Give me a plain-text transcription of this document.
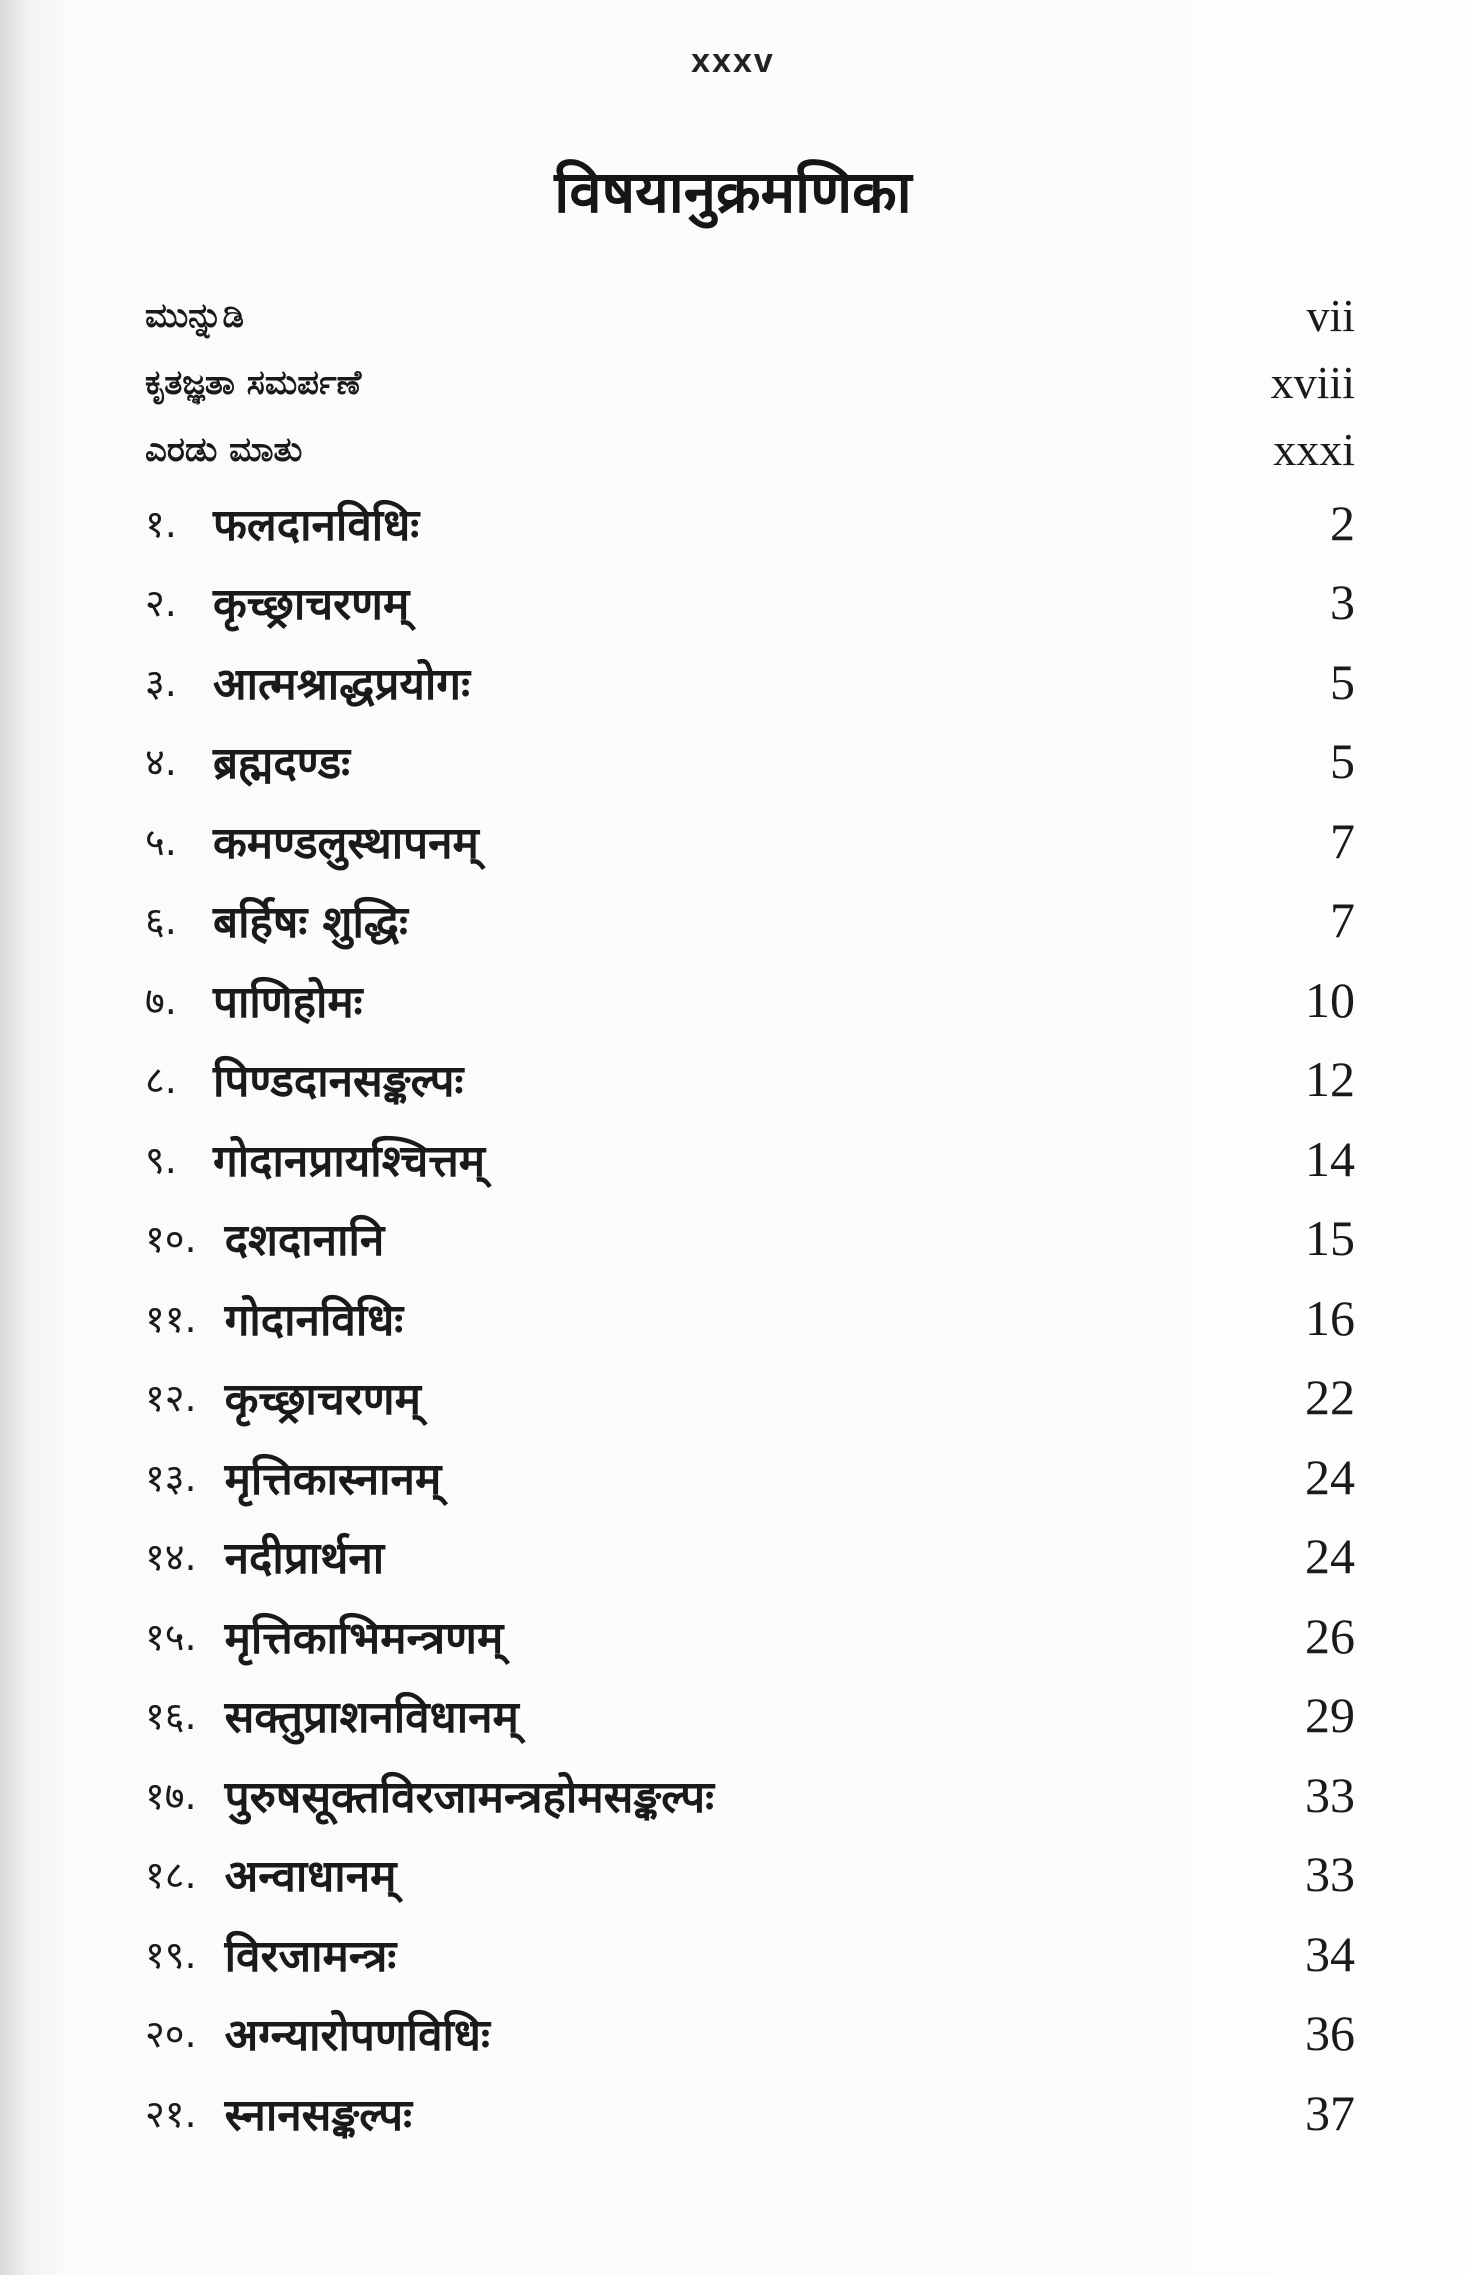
xxxv
विषयानुक्रमणिका
ಮುನ್ನುಡಿ	vii
ಕೃತಜ್ಞತಾ ಸಮರ್ಪಣೆ	xviii
ಎರಡು ಮಾತು	xxxi
१. फलदानविधिः	2
२. कृच्छ्राचरणम्	3
३. आत्मश्राद्धप्रयोगः	5
४. ब्रह्मदण्डः	5
५. कमण्डलुस्थापनम्	7
६. बर्हिषः शुद्धिः	7
७. पाणिहोमः	10
८. पिण्डदानसङ्कल्पः	12
९. गोदानप्रायश्चित्तम्	14
१०. दशदानानि	15
११. गोदानविधिः	16
१२. कृच्छ्राचरणम्	22
१३. मृत्तिकास्नानम्	24
१४. नदीप्रार्थना	24
१५. मृत्तिकाभिमन्त्रणम्	26
१६. सक्तुप्राशनविधानम्	29
१७. पुरुषसूक्तविरजामन्त्रहोमसङ्कल्पः	33
१८. अन्वाधानम्	33
१९. विरजामन्त्रः	34
२०. अग्न्यारोपणविधिः	36
२१. स्नानसङ्कल्पः	37
